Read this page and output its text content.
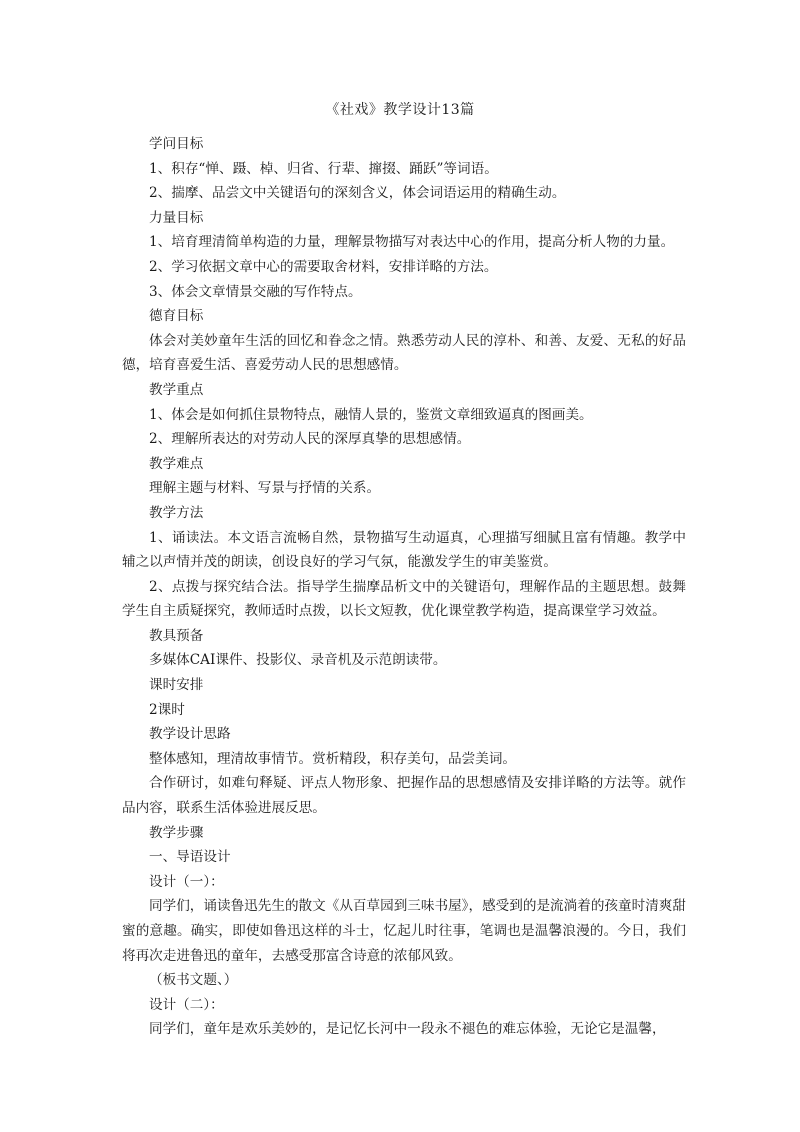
《社戏》教学设计13篇
学问目标
1、积存“惮、蹑、棹、归省、行辈、撺掇、踊跃”等词语。
2、揣摩、品尝文中关键语句的深刻含义，体会词语运用的精确生动。
力量目标
1、培育理清简单构造的力量，理解景物描写对表达中心的作用，提高分析人物的力量。
2、学习依据文章中心的需要取舍材料，安排详略的方法。
3、体会文章情景交融的写作特点。
德育目标
体会对美妙童年生活的回忆和眷念之情。熟悉劳动人民的淳朴、和善、友爱、无私的好品德，培育喜爱生活、喜爱劳动人民的思想感情。
教学重点
1、体会是如何抓住景物特点，融情人景的，鉴赏文章细致逼真的图画美。
2、理解所表达的对劳动人民的深厚真挚的思想感情。
教学难点
理解主题与材料、写景与抒情的关系。
教学方法
1、诵读法。本文语言流畅自然，景物描写生动逼真，心理描写细腻且富有情趣。教学中辅之以声情并茂的朗读，创设良好的学习气氛，能激发学生的审美鉴赏。
2、点拨与探究结合法。指导学生揣摩品析文中的关键语句，理解作品的主题思想。鼓舞学生自主质疑探究，教师适时点拨，以长文短教，优化课堂教学构造，提高课堂学习效益。
教具预备
多媒体CAI课件、投影仪、录音机及示范朗读带。
课时安排
2课时
教学设计思路
整体感知，理清故事情节。赏析精段，积存美句，品尝美词。
合作研讨，如难句释疑、评点人物形象、把握作品的思想感情及安排详略的方法等。就作品内容，联系生活体验进展反思。
教学步骤
一、导语设计
设计（一）：
同学们，诵读鲁迅先生的散文《从百草园到三味书屋》，感受到的是流淌着的孩童时清爽甜蜜的意趣。确实，即使如鲁迅这样的斗士，忆起儿时往事，笔调也是温馨浪漫的。今日，我们将再次走进鲁迅的童年，去感受那富含诗意的浓郁风致。
（板书文题、）
设计（二）：
同学们，童年是欢乐美妙的，是记忆长河中一段永不褪色的难忘体验，无论它是温馨，
